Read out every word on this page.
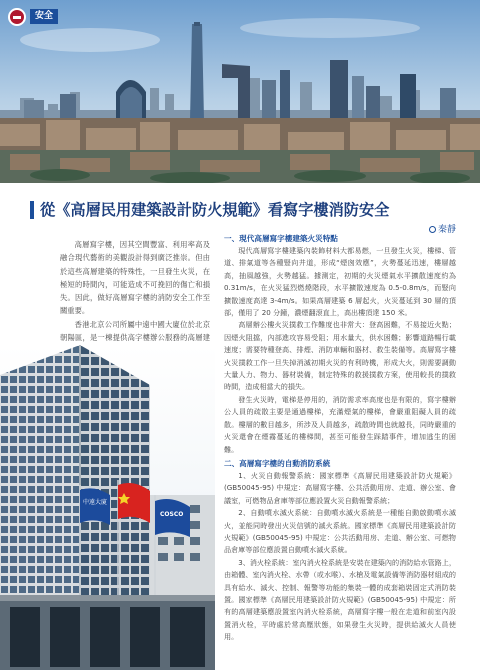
安全
從《高層民用建築設計防火規範》看寫字樓消防安全
秦靜

高層寫字樓，因其空間豐富、利用率高及融合現代藝術的美觀設計得到廣泛推崇。但由於這些高層建築的特殊性，一旦發生火災，在極短的時間內，可能造成不可挽回的傷亡和損失。因此，做好高層寫字樓的消防安全工作至關重要。

香港北京公司所屬中遠中國大廈位於北京朝陽區，是一棟提供高字樓辦公服務的高層建

中遠大廈
COSCO
一、現代高層寫字樓建築火災特點

現代高層寫字樓建築內裝飾材料大都易燃，一旦發生火災，樓梯、管道、排氣道等各種豎向井道，形成“煙囪效應”，火勢蔓延迅速，樓層越高，抽風越強，火勢越猛。據測定，初期的火災煙氣水平擴散速度約為 0.31m/s，在火災猛烈燃燒階段，水平擴散速度為 0.5-0.8m/s，而豎向擴散速度高達 3-4m/s。如果高層建築 6 層起火，火災蔓延到 30 層的頂部，僅用了 20 分鐘，濃煙翻滾直上，高出樓頂達 150 米。

高層辦公樓火災撲救工作難度也非常大：登高困難，不易接近火點；因煙火阻擋，內部進攻容易受阻；用水量大，供水困難；影響道路暢行載速度；需要特種登高、排煙、消防車輛和器材、救生裝備等。高層寫字樓火災撲救工作一旦失掉消滅初期火災的有利時機，形成大火，則需要調動大量人力、物力、器材裝備，制定特殊的救援撲救方案，使用較長的撲救時間，造成相當大的損失。

發生火災時，電梯是停用的，消防需求率高度也是有限的，寫字樓辦公人員的疏散主要是通過樓梯，充滿煙氣的樓梯，會嚴重阻礙人員的疏散。樓層的數目越多，所涉及人員越多，疏散時間也就越長，同時嚴重的火災還會在煙霧蔓延的樓梯間，甚至可能發生踩踏事件，增加逃生的困難。

二、高層寫字樓的自動消防系統

1、火災自動報警系統：國家標準《高層民用建築設計防火規範》(GB50045-95) 中規定：高層寫字樓、公共活動用房、走道、辦公室、會議室，可燃物品倉庫等部位應設置火災自動報警系統；

2、自動噴水滅火系統：自動噴水滅火系統是一種能自動啟動噴水滅火，並能同時發出火災信號的滅火系統。國家標準《高層民用建築設計防火規範》(GB50045-95) 中規定：公共活動用房、走道、辦公室、可燃物品倉庫等部位應設置自動噴水滅火系統。

3、消火栓系統：室內消火栓系統是安裝在建築內的消防給水管路上，由箱體、室內消火栓、水帶（或水喉）、水槍及電氣設備等消防器材組成的具有給水、滅火、控制、報警等功能的集裝一體的成套箱裝固定式消防裝置。國家標準《高層民用建築設計防火規範》(GB50045-95) 中規定：所有的高層建築應設置室內消火栓系統，高層寫字樓一般在走道和前室內設置消火栓，平時處於常高壓狀態，如果發生火災時，提供給滅火人員使用。
